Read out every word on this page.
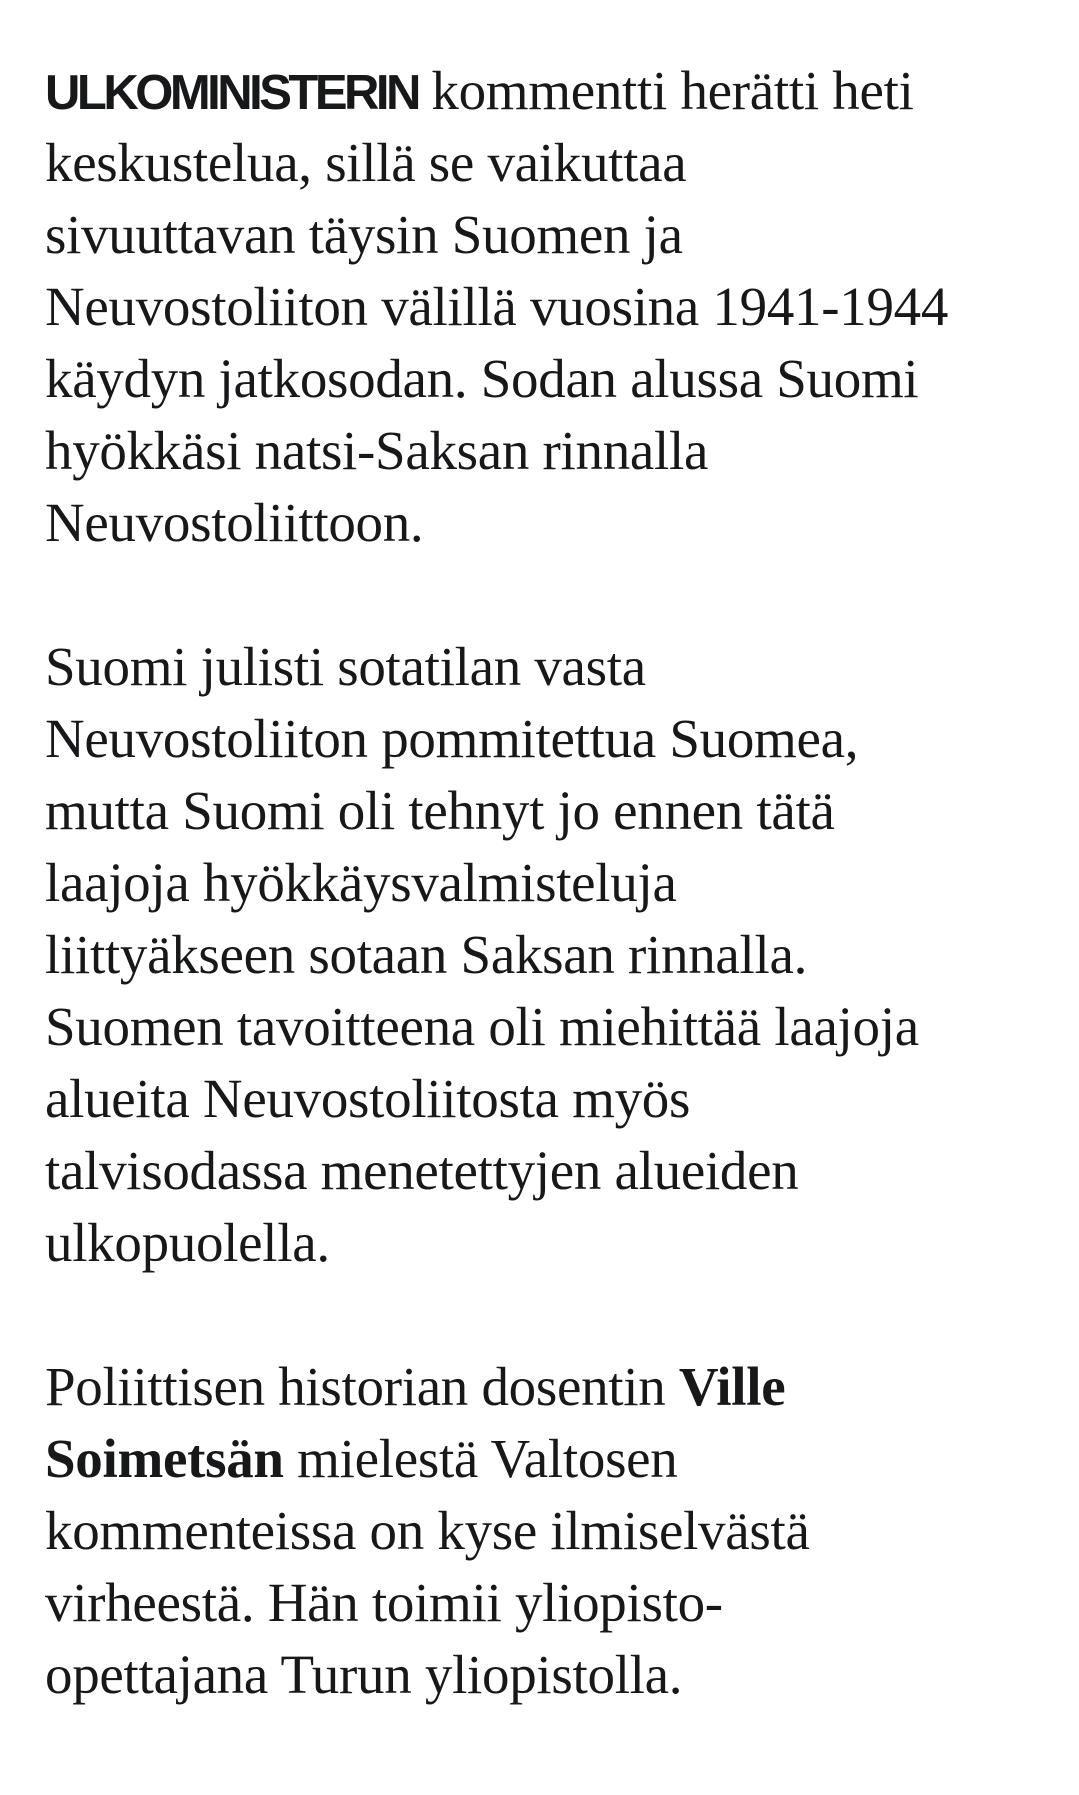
ULKOMINISTERIN kommentti herätti heti
keskustelua, sillä se vaikuttaa
sivuuttavan täysin Suomen ja
Neuvostoliiton välillä vuosina 1941-1944
käydyn jatkosodan. Sodan alussa Suomi
hyökkäsi natsi-Saksan rinnalla
Neuvostoliittoon.

Suomi julisti sotatilan vasta
Neuvostoliiton pommitettua Suomea,
mutta Suomi oli tehnyt jo ennen tätä
laajoja hyökkäysvalmisteluja
liittyäkseen sotaan Saksan rinnalla.
Suomen tavoitteena oli miehittää laajoja
alueita Neuvostoliitosta myös
talvisodassa menetettyjen alueiden
ulkopuolella.

Poliittisen historian dosentin Ville
Soimetsän mielestä Valtosen
kommenteissa on kyse ilmiselvästä
virheestä. Hän toimii yliopisto-
opettajana Turun yliopistolla.
